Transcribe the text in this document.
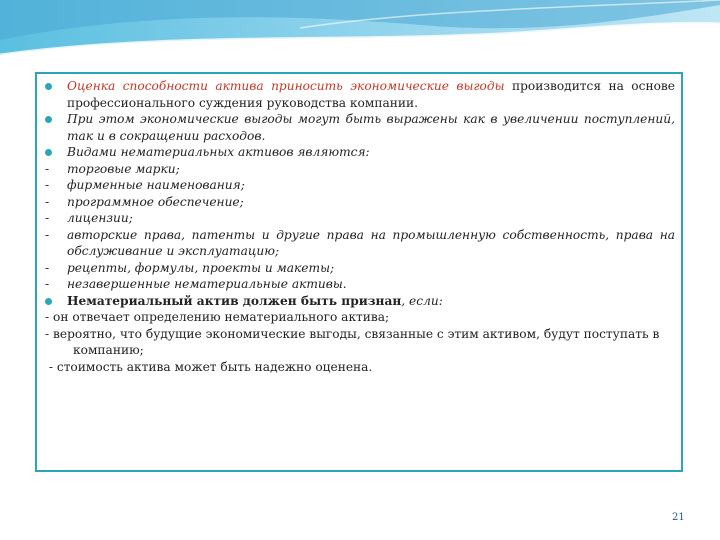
Оценка способности актива приносить экономические выгоды производится на основе профессионального суждения руководства компании.
При этом экономические выгоды могут быть выражены как в увеличении поступлений, так и в сокращении расходов.
Видами нематериальных активов являются:
- торговые марки;
- фирменные наименования;
- программное обеспечение;
- лицензии;
- авторские права, патенты и другие права на промышленную собственность, права на обслуживание и эксплуатацию;
- рецепты, формулы, проекты и макеты;
- незавершенные нематериальные активы.
Нематериальный актив должен быть признан, если:
- он отвечает определению нематериального актива;
- вероятно, что будущие экономические выгоды, связанные с этим активом, будут поступать в
компанию;
- стоимость актива может быть надежно оценена.
21
